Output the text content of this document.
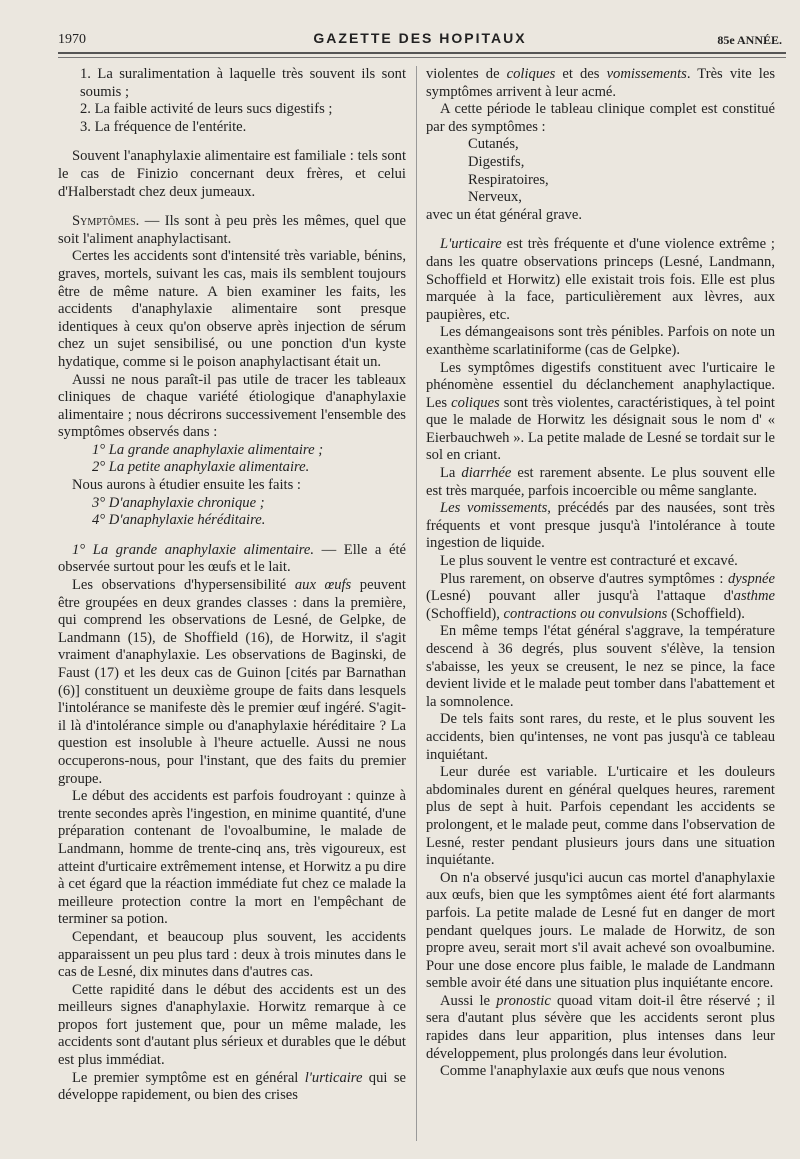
1970	GAZETTE DES HOPITAUX	85e ANNÉE.

1. La suralimentation à laquelle très souvent ils sont soumis ;

2. La faible activité de leurs sucs digestifs ;

3. La fréquence de l'entérite.

Souvent l'anaphylaxie alimentaire est familiale : tels sont le cas de Finizio concernant deux frères, et celui d'Halberstadt chez deux jumeaux.

Symptômes. — Ils sont à peu près les mêmes, quel que soit l'aliment anaphylactisant.

Certes les accidents sont d'intensité très variable, bénins, graves, mortels, suivant les cas, mais ils semblent toujours être de même nature. A bien examiner les faits, les accidents d'anaphylaxie alimentaire sont presque identiques à ceux qu'on observe après injection de sérum chez un sujet sensibilisé, ou une ponction d'un kyste hydatique, comme si le poison anaphylactisant était un.

Aussi ne nous paraît-il pas utile de tracer les tableaux cliniques de chaque variété étiologique d'anaphylaxie alimentaire ; nous décrirons successivement l'ensemble des symptômes observés dans :

1° La grande anaphylaxie alimentaire ;

2° La petite anaphylaxie alimentaire.

Nous aurons à étudier ensuite les faits :

3° D'anaphylaxie chronique ;

4° D'anaphylaxie héréditaire.

1° La grande anaphylaxie alimentaire. — Elle a été observée surtout pour les œufs et le lait.

Les observations d'hypersensibilité aux œufs peuvent être groupées en deux grandes classes : dans la première, qui comprend les observations de Lesné, de Gelpke, de Landmann (15), de Shoffield (16), de Horwitz, il s'agit vraiment d'anaphylaxie. Les observations de Baginski, de Faust (17) et les deux cas de Guinon [cités par Barnathan (6)] constituent un deuxième groupe de faits dans lesquels l'intolérance se manifeste dès le premier œuf ingéré. S'agit-il là d'intolérance simple ou d'anaphylaxie héréditaire ? La question est insoluble à l'heure actuelle. Aussi ne nous occuperons-nous, pour l'instant, que des faits du premier groupe.

Le début des accidents est parfois foudroyant : quinze à trente secondes après l'ingestion, en minime quantité, d'une préparation contenant de l'ovoalbumine, le malade de Landmann, homme de trente-cinq ans, très vigoureux, est atteint d'urticaire extrêmement intense, et Horwitz a pu dire à cet égard que la réaction immédiate fut chez ce malade la meilleure protection contre la mort en l'empêchant de terminer sa potion.

Cependant, et beaucoup plus souvent, les accidents apparaissent un peu plus tard : deux à trois minutes dans le cas de Lesné, dix minutes dans d'autres cas.

Cette rapidité dans le début des accidents est un des meilleurs signes d'anaphylaxie. Horwitz remarque à ce propos fort justement que, pour un même malade, les accidents sont d'autant plus sérieux et durables que le début est plus immédiat.

Le premier symptôme est en général l'urticaire qui se développe rapidement, ou bien des crises

violentes de coliques et des vomissements. Très vite les symptômes arrivent à leur acmé.

A cette période le tableau clinique complet est constitué par des symptômes :

Cutanés,

Digestifs,

Respiratoires,

Nerveux,

avec un état général grave.

L'urticaire est très fréquente et d'une violence extrême ; dans les quatre observations princeps (Lesné, Landmann, Schoffield et Horwitz) elle existait trois fois. Elle est plus marquée à la face, particulièrement aux lèvres, aux paupières, etc.

Les démangeaisons sont très pénibles. Parfois on note un exanthème scarlatiniforme (cas de Gelpke).

Les symptômes digestifs constituent avec l'urticaire le phénomène essentiel du déclanchement anaphylactique. Les coliques sont très violentes, caractéristiques, à tel point que le malade de Horwitz les désignait sous le nom d' « Eierbauchweh ». La petite malade de Lesné se tordait sur le sol en criant.

La diarrhée est rarement absente. Le plus souvent elle est très marquée, parfois incoercible ou même sanglante.

Les vomissements, précédés par des nausées, sont très fréquents et vont presque jusqu'à l'intolérance à toute ingestion de liquide.

Le plus souvent le ventre est contracturé et excavé.

Plus rarement, on observe d'autres symptômes : dyspnée (Lesné) pouvant aller jusqu'à l'attaque d'asthme (Schoffield), contractions ou convulsions (Schoffield).

En même temps l'état général s'aggrave, la température descend à 36 degrés, plus souvent s'élève, la tension s'abaisse, les yeux se creusent, le nez se pince, la face devient livide et le malade peut tomber dans l'abattement et la somnolence.

De tels faits sont rares, du reste, et le plus souvent les accidents, bien qu'intenses, ne vont pas jusqu'à ce tableau inquiétant.

Leur durée est variable. L'urticaire et les douleurs abdominales durent en général quelques heures, rarement plus de sept à huit. Parfois cependant les accidents se prolongent, et le malade peut, comme dans l'observation de Lesné, rester pendant plusieurs jours dans une situation inquiétante.

On n'a observé jusqu'ici aucun cas mortel d'anaphylaxie aux œufs, bien que les symptômes aient été fort alarmants parfois. La petite malade de Lesné fut en danger de mort pendant quelques jours. Le malade de Horwitz, de son propre aveu, serait mort s'il avait achevé son ovoalbumine. Pour une dose encore plus faible, le malade de Landmann semble avoir été dans une situation plus inquiétante encore.

Aussi le pronostic quoad vitam doit-il être réservé ; il sera d'autant plus sévère que les accidents seront plus rapides dans leur apparition, plus intenses dans leur développement, plus prolongés dans leur évolution.

Comme l'anaphylaxie aux œufs que nous venons
